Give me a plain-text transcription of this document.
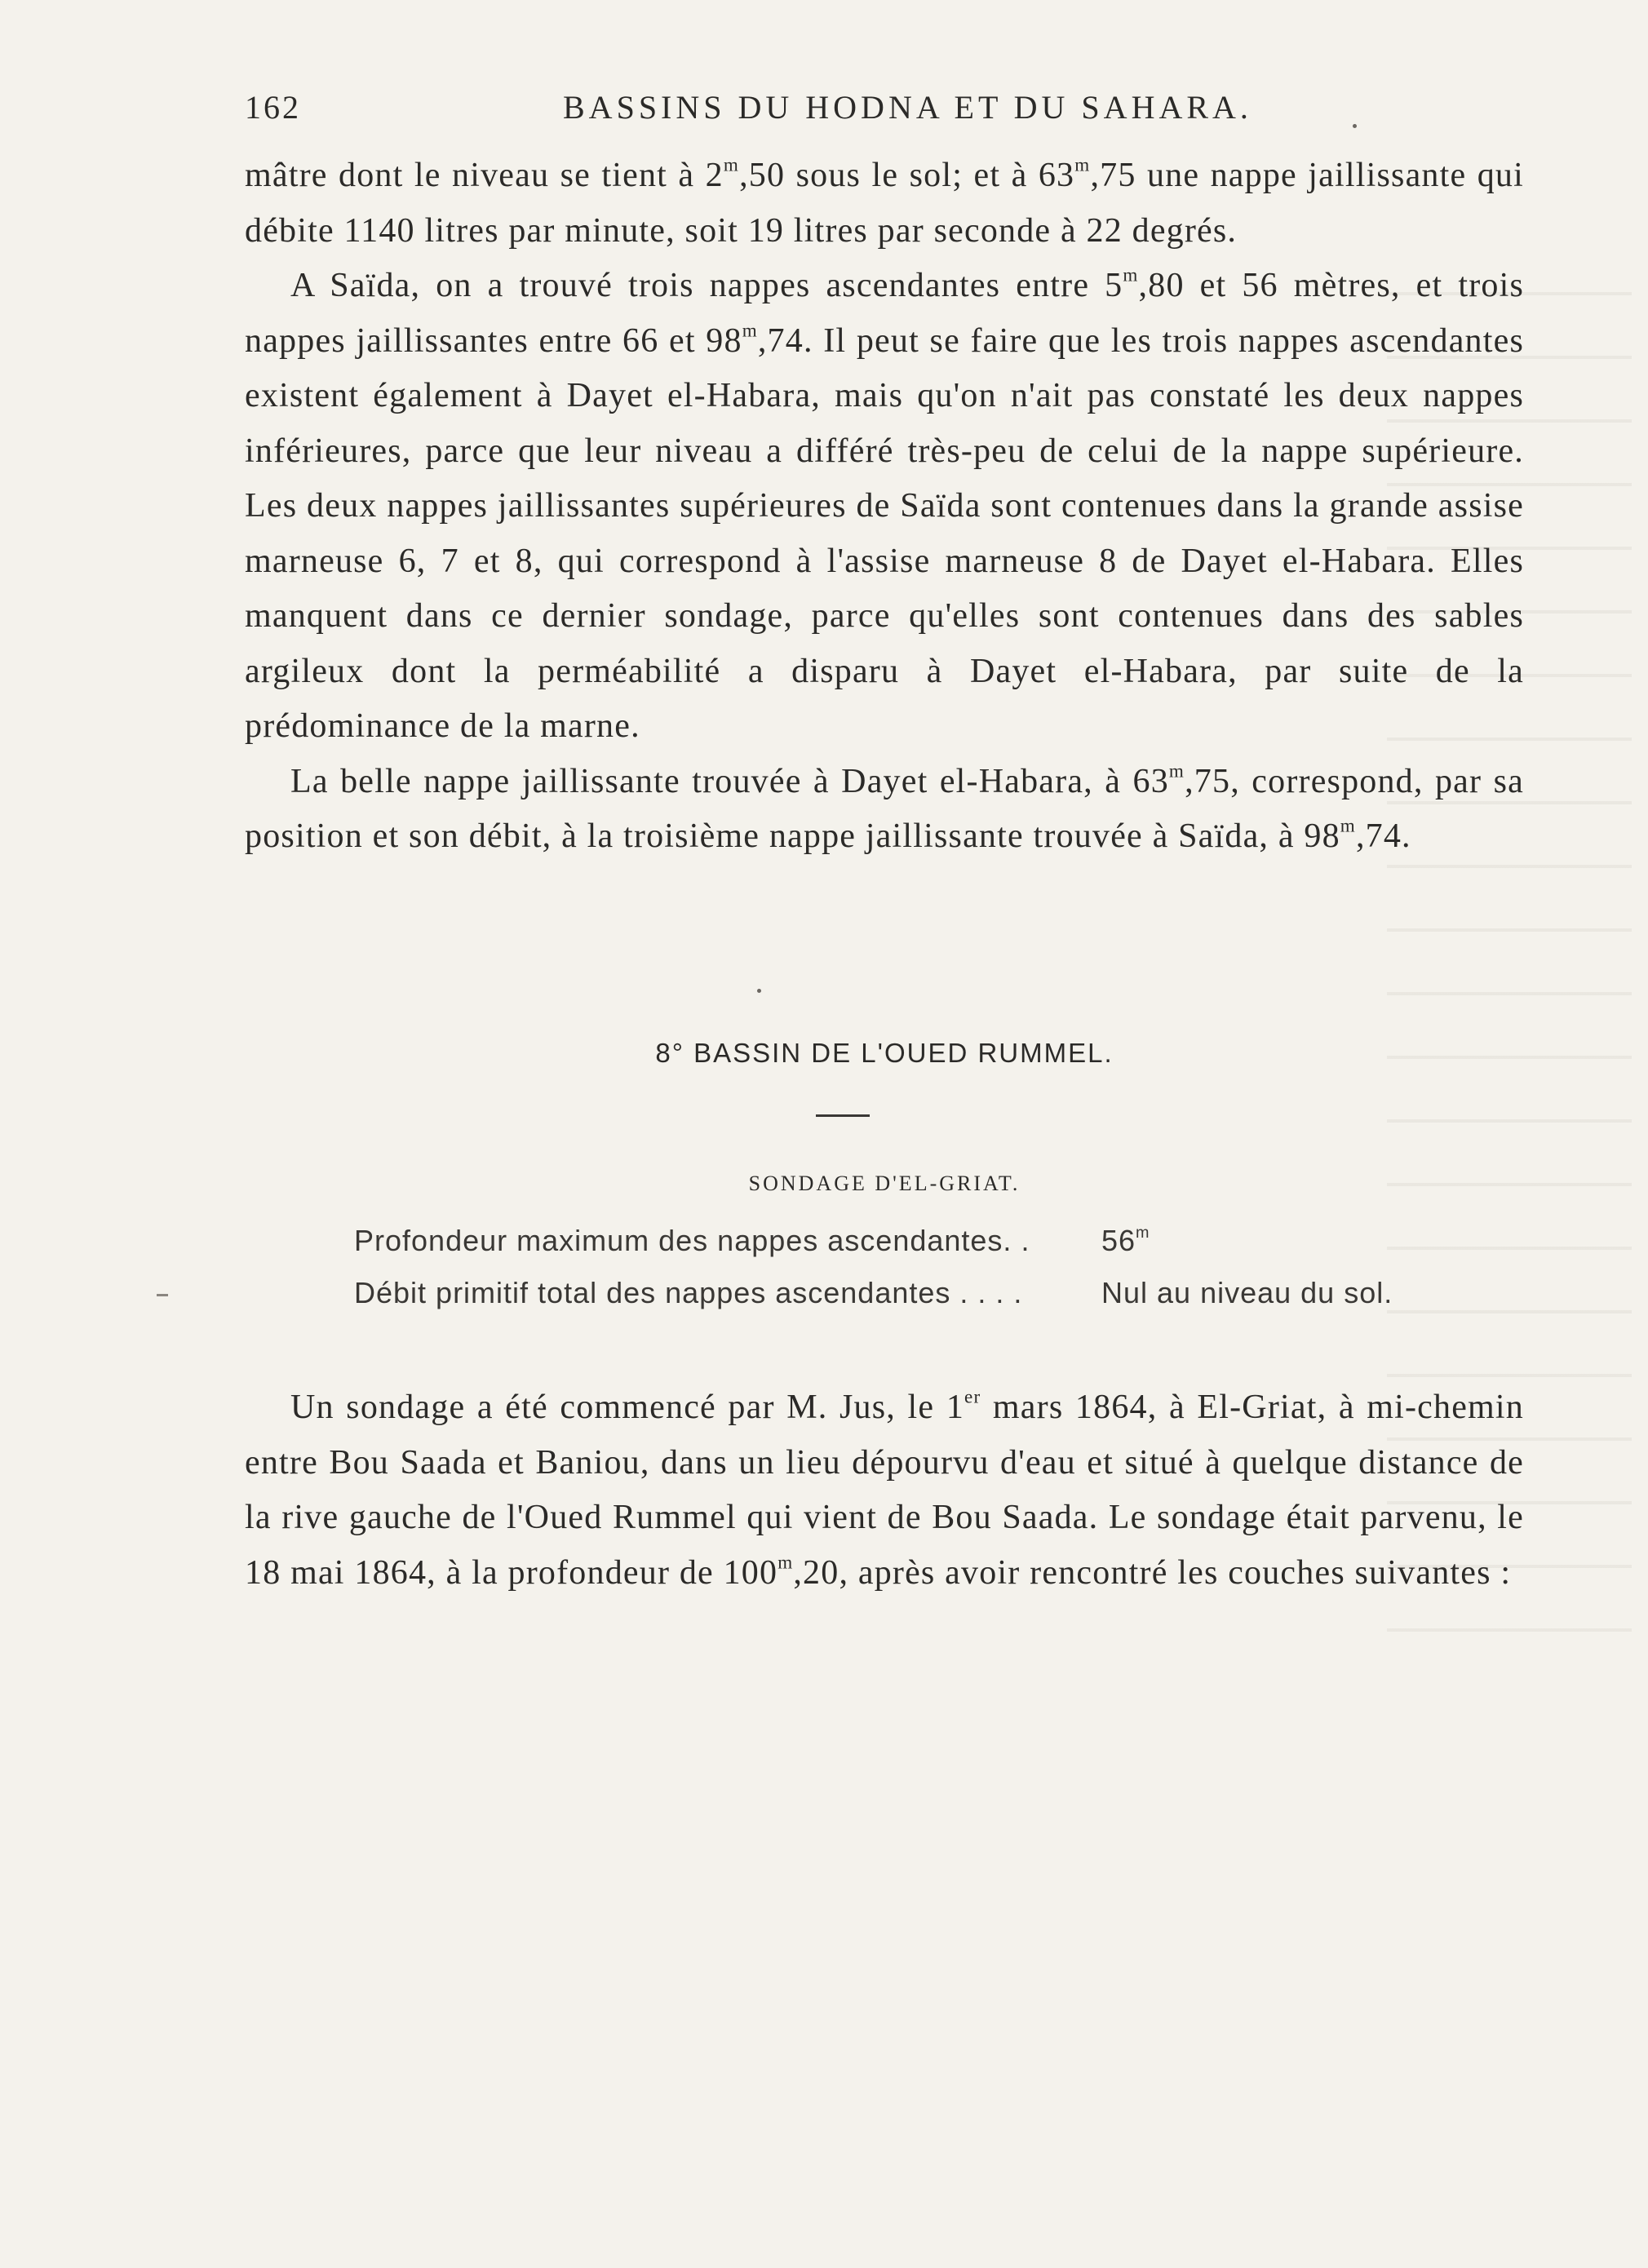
162	BASSINS DU HODNA ET DU SAHARA.

mâtre dont le niveau se tient à 2$^m$,50 sous le sol; et à 63$^m$,75 une nappe jaillissante qui débite 1140 litres par minute, soit 19 litres par seconde à 22 degrés.

A Saïda, on a trouvé trois nappes ascendantes entre 5$^m$,80 et 56 mètres, et trois nappes jaillissantes entre 66 et 98$^m$,74. Il peut se faire que les trois nappes ascendantes existent également à Dayet el-Habara, mais qu'on n'ait pas constaté les deux nappes inférieures, parce que leur niveau a différé très-peu de celui de la nappe supérieure. Les deux nappes jaillissantes supérieures de Saïda sont contenues dans la grande assise marneuse 6, 7 et 8, qui correspond à l'assise marneuse 8 de Dayet el-Habara. Elles manquent dans ce dernier sondage, parce qu'elles sont contenues dans des sables argileux dont la perméabilité a disparu à Dayet el-Habara, par suite de la prédominance de la marne.

La belle nappe jaillissante trouvée à Dayet el-Habara, à 63$^m$,75, correspond, par sa position et son débit, à la troisième nappe jaillissante trouvée à Saïda, à 98$^m$,74.

8° BASSIN DE L'OUED RUMMEL.
SONDAGE D'EL-GRIAT.
Profondeur maximum des nappes ascendantes. . 56$^m$
Débit primitif total des nappes ascendantes . . . .	Nul au niveau du sol.

Un sondage a été commencé par M. Jus, le 1er mars 1864, à El-Griat, à mi-chemin entre Bou Saada et Baniou, dans un lieu dépourvu d'eau et situé à quelque distance de la rive gauche de l'Oued Rummel qui vient de Bou Saada. Le sondage était parvenu, le 18 mai 1864, à la profondeur de 100$^m$,20, après avoir rencontré les couches suivantes :
